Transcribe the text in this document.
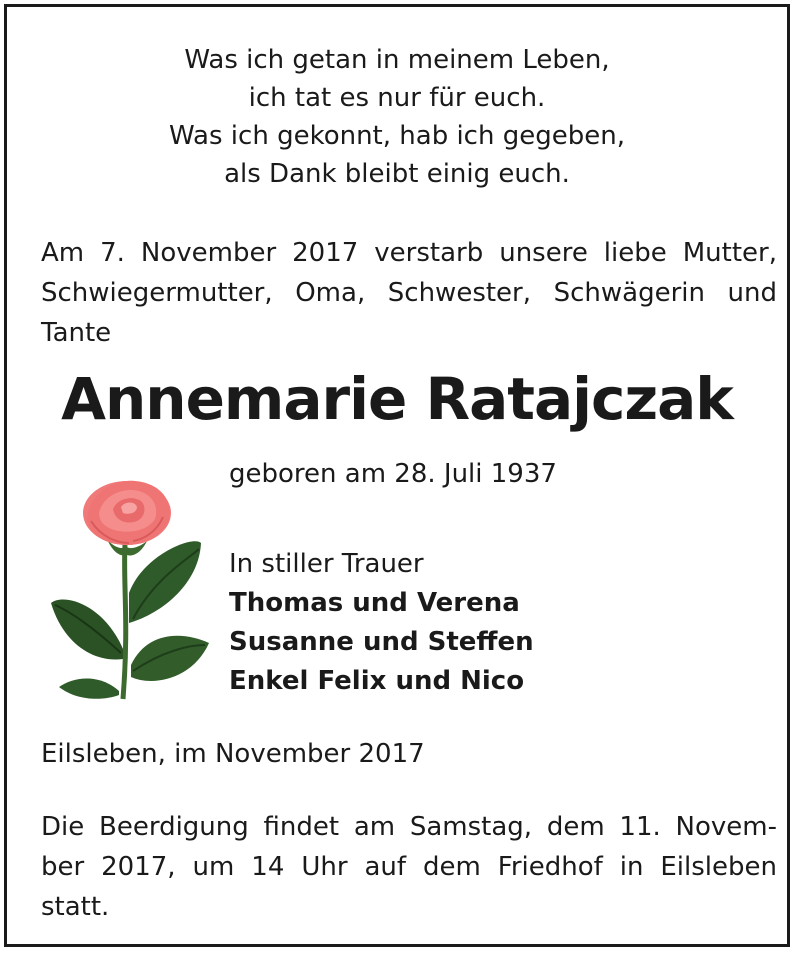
Was ich getan in meinem Leben,
ich tat es nur für euch.
Was ich gekonnt, hab ich gegeben,
als Dank bleibt einig euch.
Am 7. November 2017 verstarb unsere liebe Mutter,
Schwiegermutter, Oma, Schwester, Schwägerin und
Tante
Annemarie Ratajczak
geboren am 28. Juli 1937
In stiller Trauer
Thomas und Verena
Susanne und Steffen
Enkel Felix und Nico
Eilsleben, im November 2017
Die Beerdigung findet am Samstag, dem 11. Novem-
ber 2017, um 14 Uhr auf dem Friedhof in Eilsleben
statt.
